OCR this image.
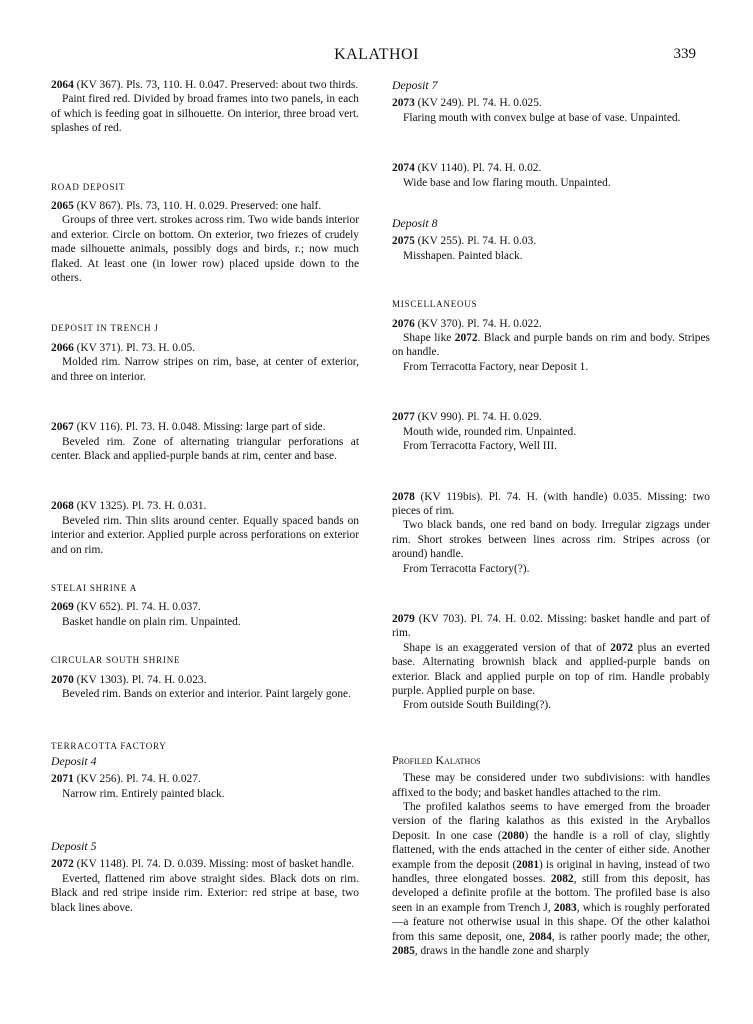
KALATHOI	339
2064 (KV 367). Pls. 73, 110. H. 0.047. Preserved: about two thirds.
Paint fired red. Divided by broad frames into two panels, in each of which is feeding goat in silhouette. On interior, three broad vert. splashes of red.
ROAD DEPOSIT
2065 (KV 867). Pls. 73, 110. H. 0.029. Preserved: one half.
Groups of three vert. strokes across rim. Two wide bands interior and exterior. Circle on bottom. On exterior, two friezes of crudely made silhouette animals, possibly dogs and birds, r.; now much flaked. At least one (in lower row) placed upside down to the others.
DEPOSIT IN TRENCH J
2066 (KV 371). Pl. 73. H. 0.05.
Molded rim. Narrow stripes on rim, base, at center of exterior, and three on interior.
2067 (KV 116). Pl. 73. H. 0.048. Missing: large part of side.
Beveled rim. Zone of alternating triangular perforations at center. Black and applied-purple bands at rim, center and base.
2068 (KV 1325). Pl. 73. H. 0.031.
Beveled rim. Thin slits around center. Equally spaced bands on interior and exterior. Applied purple across perforations on exterior and on rim.
STELAI SHRINE A
2069 (KV 652). Pl. 74. H. 0.037.
Basket handle on plain rim. Unpainted.
CIRCULAR SOUTH SHRINE
2070 (KV 1303). Pl. 74. H. 0.023.
Beveled rim. Bands on exterior and interior. Paint largely gone.
TERRACOTTA FACTORY
Deposit 4
2071 (KV 256). Pl. 74. H. 0.027.
Narrow rim. Entirely painted black.
Deposit 5
2072 (KV 1148). Pl. 74. D. 0.039. Missing: most of basket handle.
Everted, flattened rim above straight sides. Black dots on rim. Black and red stripe inside rim. Exterior: red stripe at base, two black lines above.
Deposit 7
2073 (KV 249). Pl. 74. H. 0.025.
Flaring mouth with convex bulge at base of vase. Unpainted.
2074 (KV 1140). Pl. 74. H. 0.02.
Wide base and low flaring mouth. Unpainted.
Deposit 8
2075 (KV 255). Pl. 74. H. 0.03.
Misshapen. Painted black.
MISCELLANEOUS
2076 (KV 370). Pl. 74. H. 0.022.
Shape like 2072. Black and purple bands on rim and body. Stripes on handle.
From Terracotta Factory, near Deposit 1.
2077 (KV 990). Pl. 74. H. 0.029.
Mouth wide, rounded rim. Unpainted.
From Terracotta Factory, Well III.
2078 (KV 119bis). Pl. 74. H. (with handle) 0.035. Missing: two pieces of rim.
Two black bands, one red band on body. Irregular zigzags under rim. Short strokes between lines across rim. Stripes across (or around) handle.
From Terracotta Factory(?).
2079 (KV 703). Pl. 74. H. 0.02. Missing: basket handle and part of rim.
Shape is an exaggerated version of that of 2072 plus an everted base. Alternating brownish black and applied-purple bands on exterior. Black and applied purple on top of rim. Handle probably purple. Applied purple on base.
From outside South Building(?).
Profiled Kalathos
These may be considered under two subdivisions: with handles affixed to the body; and basket handles attached to the rim.
The profiled kalathos seems to have emerged from the broader version of the flaring kalathos as this existed in the Aryballos Deposit. In one case (2080) the handle is a roll of clay, slightly flattened, with the ends attached in the center of either side. Another example from the deposit (2081) is original in having, instead of two handles, three elongated bosses. 2082, still from this deposit, has developed a definite profile at the bottom. The profiled base is also seen in an example from Trench J, 2083, which is roughly perforated—a feature not otherwise usual in this shape. Of the other kalathoi from this same deposit, one, 2084, is rather poorly made; the other, 2085, draws in the handle zone and sharply
